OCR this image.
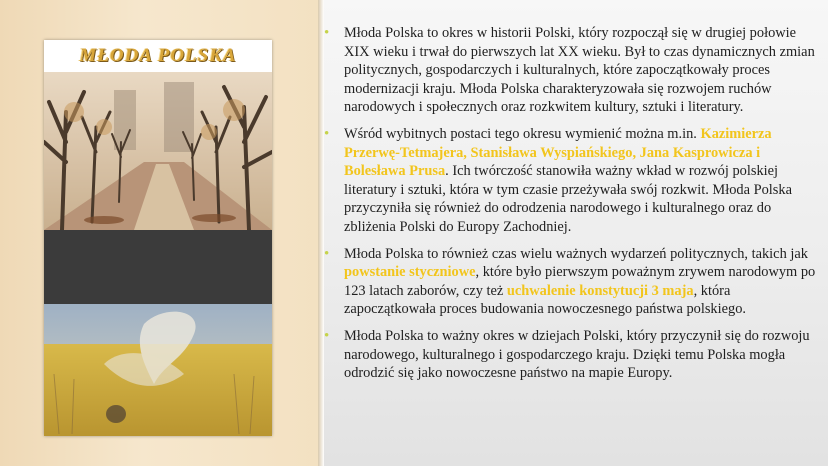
MŁODA POLSKA
• Młoda Polska to okres w historii Polski, który rozpoczął się w drugiej połowie XIX wieku i trwał do pierwszych lat XX wieku. Był to czas dynamicznych zmian politycznych, gospodarczych i kulturalnych, które zapoczątkowały proces modernizacji kraju. Młoda Polska charakteryzowała się rozwojem ruchów narodowych i społecznych oraz rozkwitem kultury, sztuki i literatury.
• Wśród wybitnych postaci tego okresu wymienić można m.in. Kazimierza Przerwę-Tetmajera, Stanisława Wyspiańskiego, Jana Kasprowicza i Bolesława Prusa. Ich twórczość stanowiła ważny wkład w rozwój polskiej literatury i sztuki, która w tym czasie przeżywała swój rozkwit. Młoda Polska przyczyniła się również do odrodzenia narodowego i kulturalnego oraz do zbliżenia Polski do Europy Zachodniej.
• Młoda Polska to również czas wielu ważnych wydarzeń politycznych, takich jak powstanie styczniowe, które było pierwszym poważnym zrywem narodowym po 123 latach zaborów, czy też uchwalenie konstytucji 3 maja, która zapoczątkowała proces budowania nowoczesnego państwa polskiego.
• Młoda Polska to ważny okres w dziejach Polski, który przyczynił się do rozwoju narodowego, kulturalnego i gospodarczego kraju. Dzięki temu Polska mogła odrodzić się jako nowoczesne państwo na mapie Europy.
